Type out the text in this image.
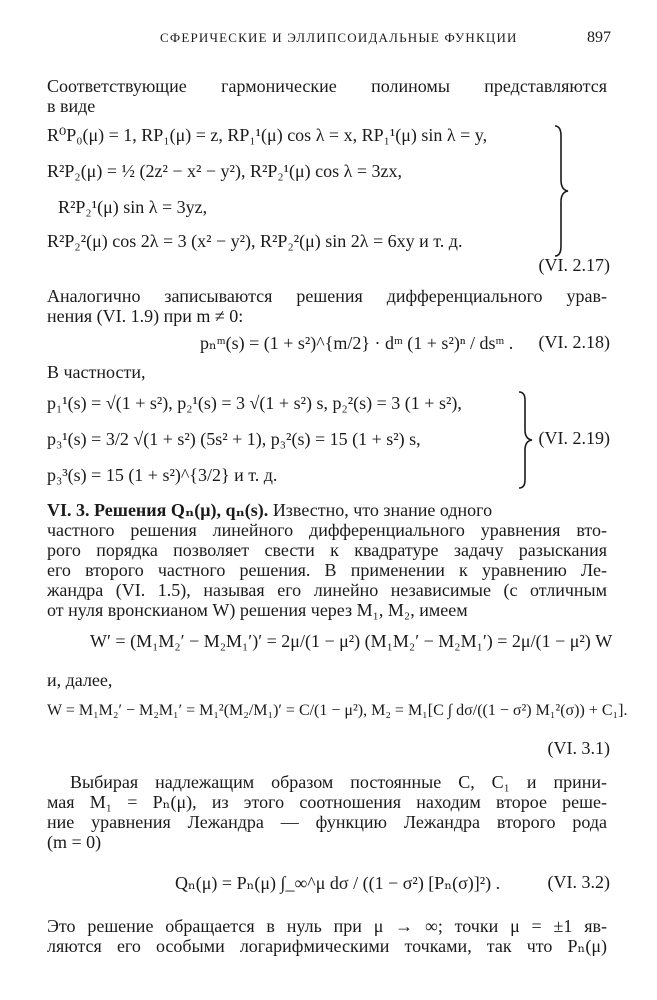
СФЕРИЧЕСКИЕ И ЭЛЛИПСОИДАЛЬНЫЕ ФУНКЦИИ	897
Соответствующие гармонические полиномы представляются
в виде
R⁰P₀(μ) = 1, RP₁(μ) = z, RP₁¹(μ) cos λ = x, RP₁¹(μ) sin λ = y,
R²P₂(μ) = ½ (2z² − x² − y²), R²P₂¹(μ) cos λ = 3zx,
R²P₂¹(μ) sin λ = 3yz,
R²P₂²(μ) cos 2λ = 3 (x² − y²), R²P₂²(μ) sin 2λ = 6xy и т. д.
(VI. 2.17)
Аналогично записываются решения дифференциального урав-
нения (VI. 1.9) при m ≠ 0:
pₙᵐ(s) = (1 + s²)^{m/2} · dᵐ (1 + s²)ⁿ / dsᵐ . (VI. 2.18)
В частности,
p₁¹(s) = √(1 + s²), p₂¹(s) = 3 √(1 + s²) s, p₂²(s) = 3 (1 + s²),
p₃¹(s) = 3/2 √(1 + s²) (5s² + 1), p₃²(s) = 15 (1 + s²) s,
p₃³(s) = 15 (1 + s²)^{3/2} и т. д.
(VI. 2.19)
VI. 3. Решения Qₙ(μ), qₙ(s). Известно, что знание одного
частного решения линейного дифференциального уравнения вто-
рого порядка позволяет свести к квадратуре задачу разыскания
его второго частного решения. В применении к уравнению Ле-
жандра (VI. 1.5), называя его линейно независимые (с отличным
от нуля вронскианом W) решения через M₁, M₂, имеем
W′ = (M₁M₂′ − M₂M₁′)′ = 2μ/(1 − μ²) (M₁M₂′ − M₂M₁′) = 2μ/(1 − μ²) W
и, далее,
W = M₁M₂′ − M₂M₁′ = M₁²(M₂/M₁)′ = C/(1 − μ²), M₂ = M₁[C ∫ dσ/((1 − σ²) M₁²(σ)) + C₁].
(VI. 3.1)
Выбирая надлежащим образом постоянные C, C₁ и прини-
мая M₁ = Pₙ(μ), из этого соотношения находим второе реше-
ние уравнения Лежандра — функцию Лежандра второго рода
(m = 0)
Qₙ(μ) = Pₙ(μ) ∫_∞^μ dσ / ((1 − σ²) [Pₙ(σ)]²) .	(VI. 3.2)
Это решение обращается в нуль при μ → ∞; точки μ = ±1 яв-
ляются его особыми логарифмическими точками, так что Pₙ(μ)
